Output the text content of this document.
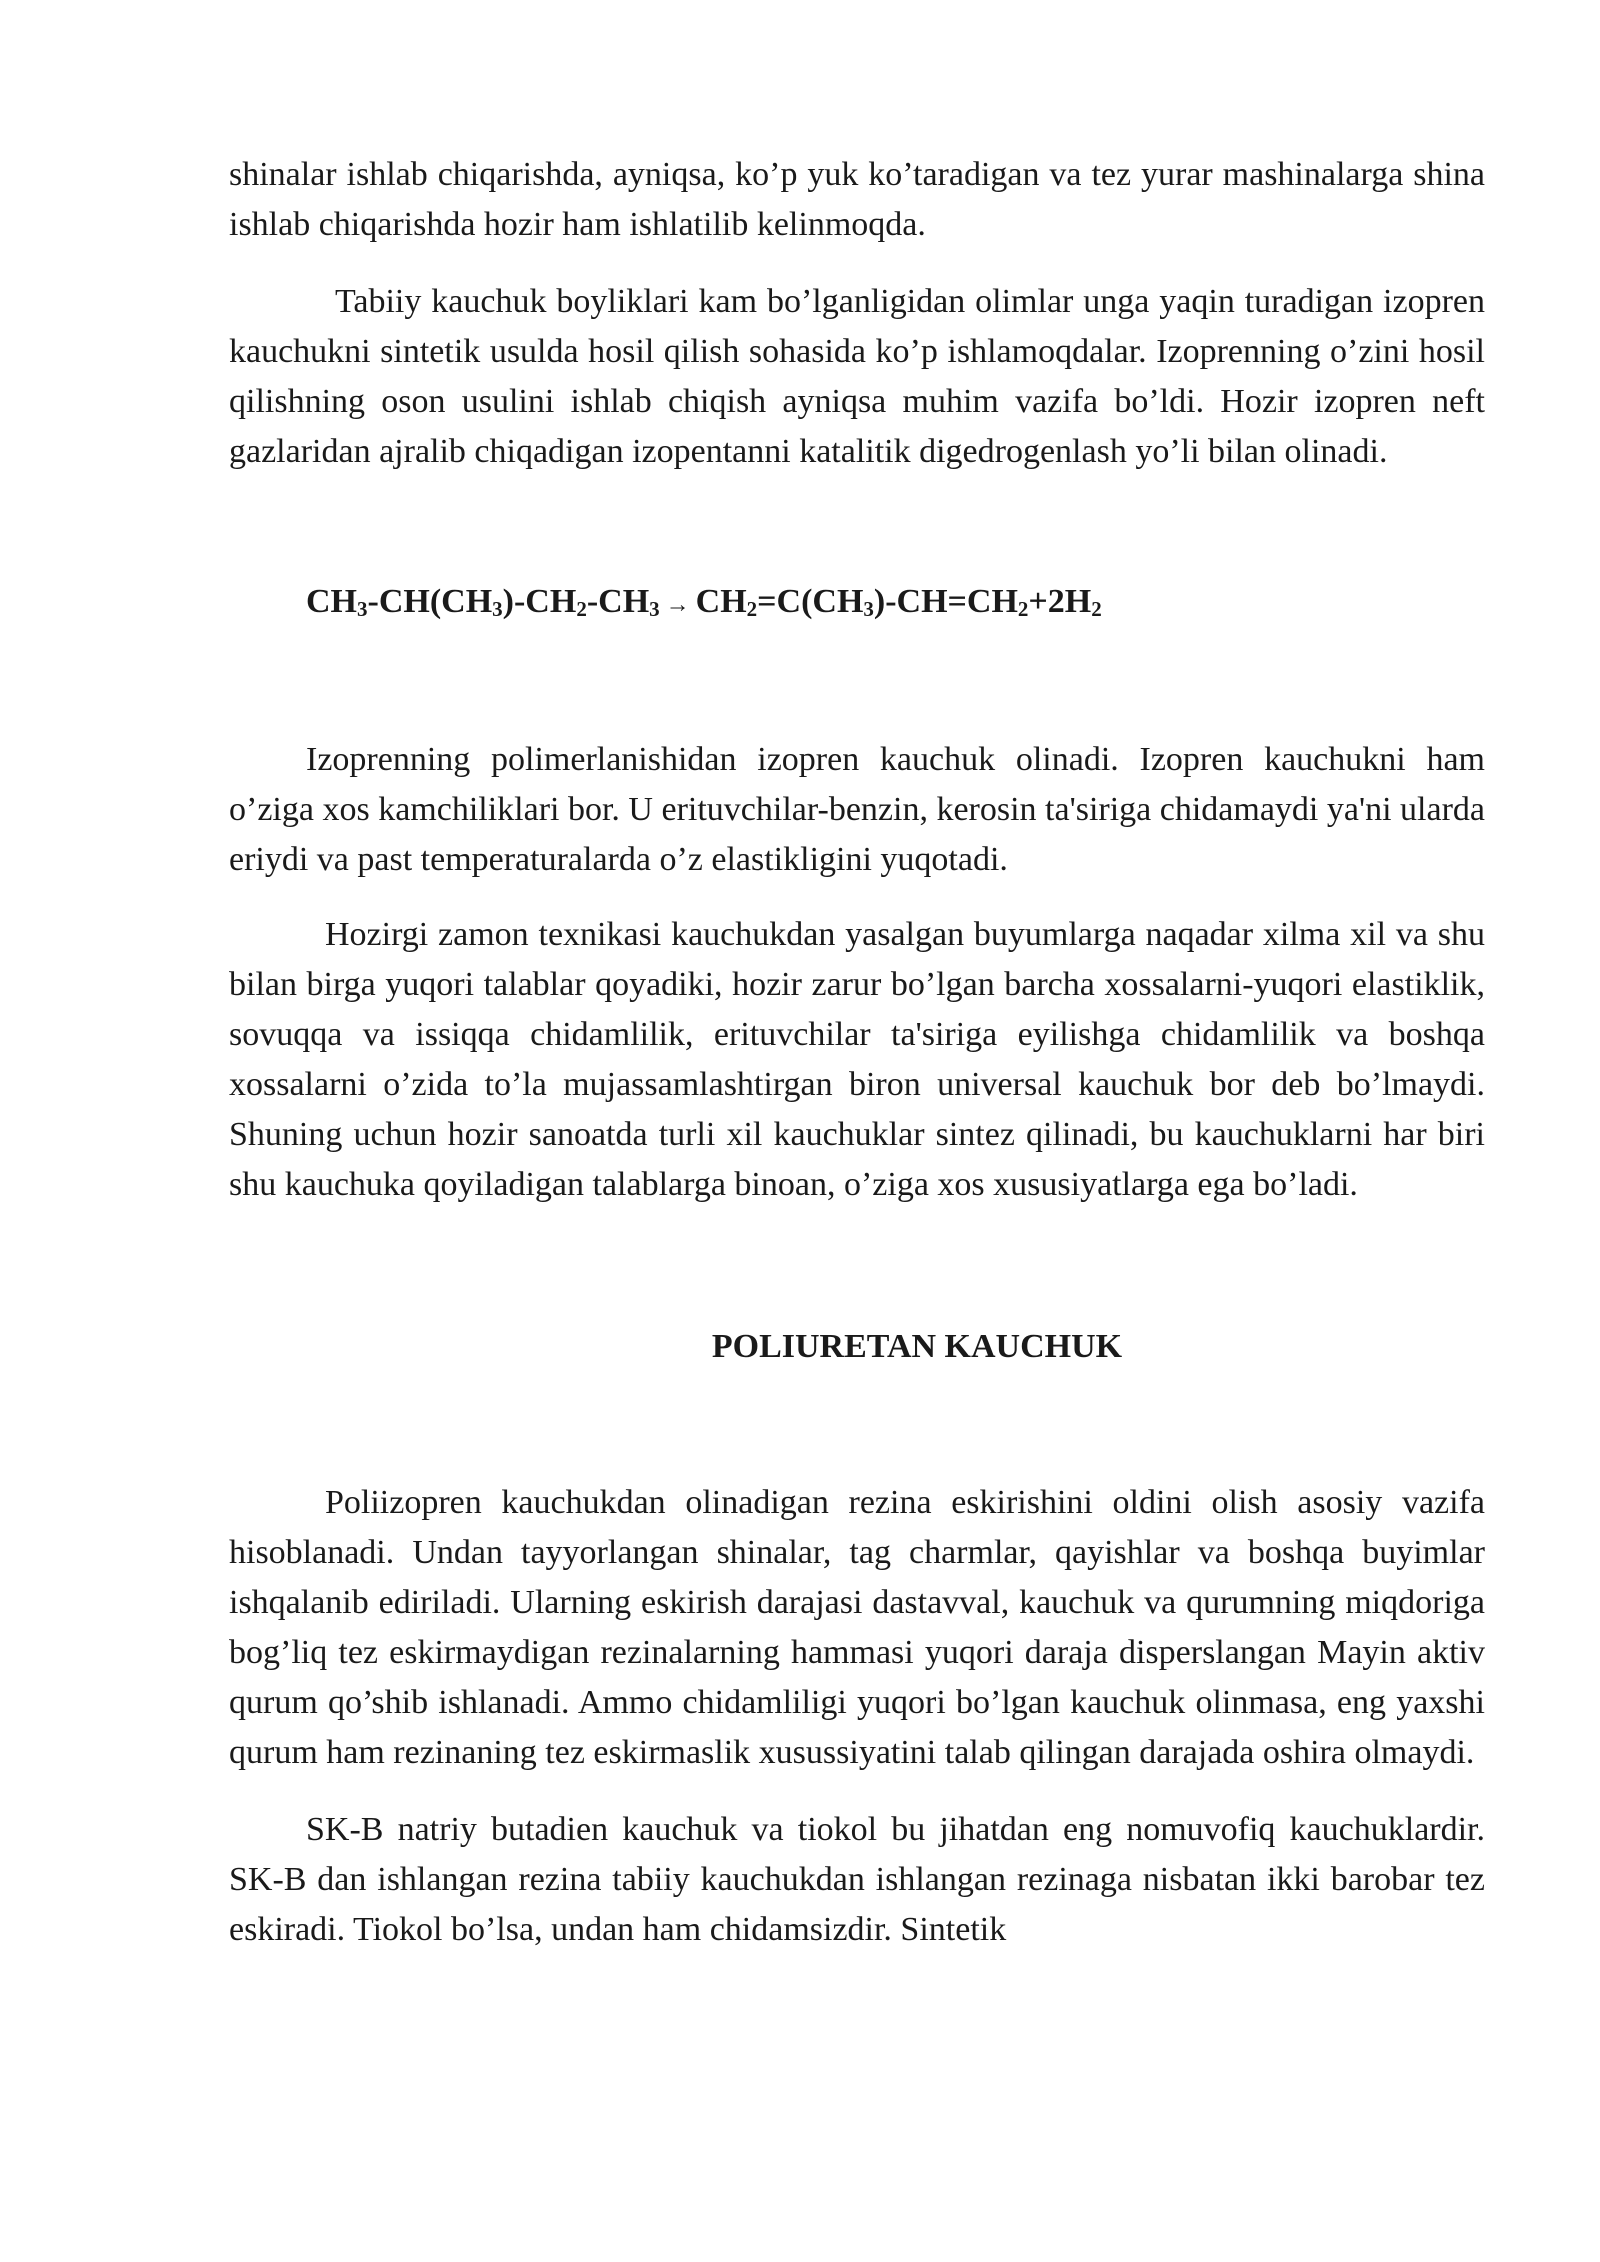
shinalar ishlab chiqarishda, ayniqsa, ko’p yuk ko’taradigan va tez yurar mashinalarga shina ishlab chiqarishda hozir ham ishlatilib kelinmoqda.

Tabiiy kauchuk boyliklari kam bo’lganligidan olimlar unga yaqin turadigan izopren kauchukni sintetik usulda hosil qilish sohasida ko’p ishlamoqdalar. Izoprenning o’zini hosil qilishning oson usulini ishlab chiqish ayniqsa muhim vazifa bo’ldi. Hozir izopren neft gazlaridan ajralib chiqadigan izopentanni katalitik digedrogenlash yo’li bilan olinadi.

$CH_3-CH(CH_3)-CH_2-CH_3 \to CH_2=C(CH_3)-CH=CH_2+2H_2$

Izoprenning polimerlanishidan izopren kauchuk olinadi. Izopren kauchukni ham o’ziga xos kamchiliklari bor. U erituvchilar-benzin, kerosin ta'siriga chidamaydi ya'ni ularda eriydi va past temperaturalarda o’z elastikligini yuqotadi.

Hozirgi zamon texnikasi kauchukdan yasalgan buyumlarga naqadar xilma xil va shu bilan birga yuqori talablar qoyadiki, hozir zarur bo’lgan barcha xossalarni-yuqori elastiklik, sovuqqa va issiqqa chidamlilik, erituvchilar ta'siriga eyilishga chidamlilik va boshqa xossalarni o’zida to’la mujassamlashtirgan biron universal kauchuk bor deb bo’lmaydi. Shuning uchun hozir sanoatda turli xil kauchuklar sintez qilinadi, bu kauchuklarni har biri shu kauchuka qoyiladigan talablarga binoan, o’ziga xos xususiyatlarga ega bo’ladi.

POLIURETAN KAUCHUK

Poliizopren kauchukdan olinadigan rezina eskirishini oldini olish asosiy vazifa hisoblanadi. Undan tayyorlangan shinalar, tag charmlar, qayishlar va boshqa buyimlar ishqalanib ediriladi. Ularning eskirish darajasi dastavval, kauchuk va qurumning miqdoriga bog’liq tez eskirmaydigan rezinalarning hammasi yuqori daraja disperslangan Mayin aktiv qurum qo’shib ishlanadi. Ammo chidamliligi yuqori bo’lgan kauchuk olinmasa, eng yaxshi qurum ham rezinaning tez eskirmaslik xusussiyatini talab qilingan darajada oshira olmaydi.

SK-B natriy butadien kauchuk va tiokol bu jihatdan eng nomuvofiq kauchuklardir. SK-B dan ishlangan rezina tabiiy kauchukdan ishlangan rezinaga nisbatan ikki barobar tez eskiradi. Tiokol bo’lsa, undan ham chidamsizdir. Sintetik
